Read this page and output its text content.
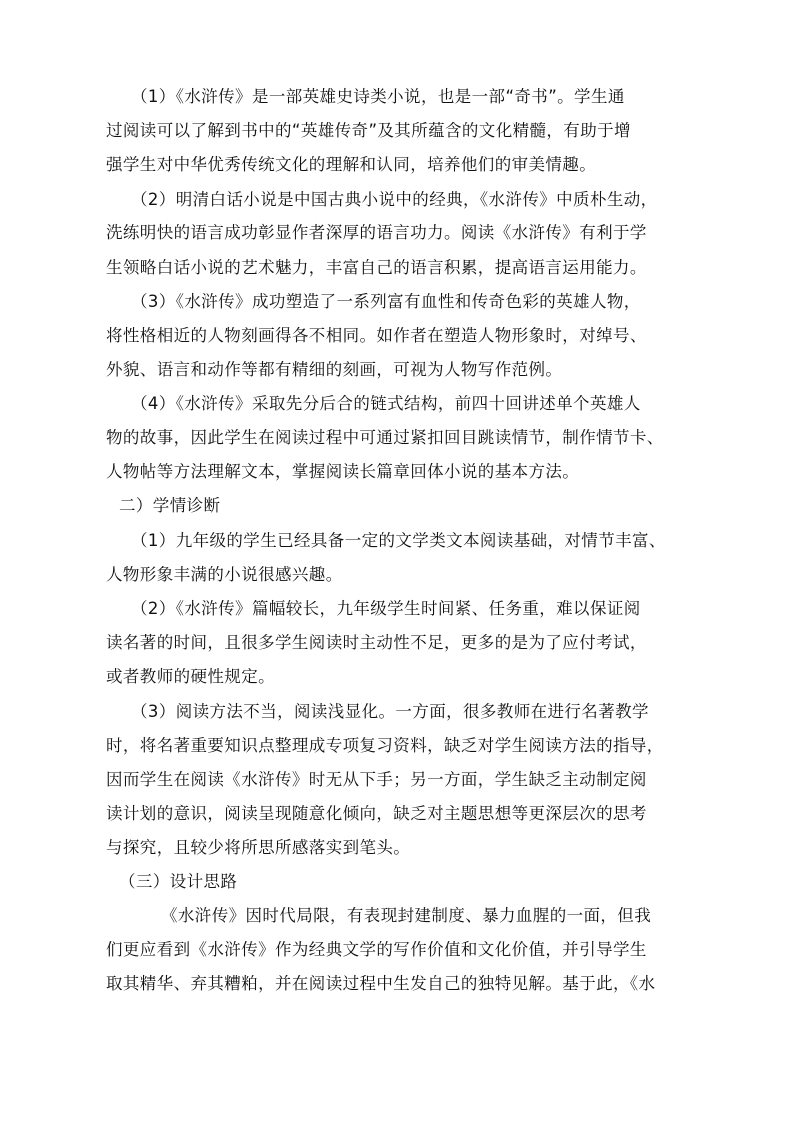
（1）《水浒传》是一部英雄史诗类小说，也是一部“奇书”。学生通
过阅读可以了解到书中的“英雄传奇”及其所蕴含的文化精髓，有助于增
强学生对中华优秀传统文化的理解和认同，培养他们的审美情趣。
（2）明清白话小说是中国古典小说中的经典，《水浒传》中质朴生动，
洗练明快的语言成功彰显作者深厚的语言功力。阅读《水浒传》有利于学
生领略白话小说的艺术魅力，丰富自己的语言积累，提高语言运用能力。
（3）《水浒传》成功塑造了一系列富有血性和传奇色彩的英雄人物，
将性格相近的人物刻画得各不相同。如作者在塑造人物形象时，对绰号、
外貌、语言和动作等都有精细的刻画，可视为人物写作范例。
（4）《水浒传》采取先分后合的链式结构，前四十回讲述单个英雄人
物的故事，因此学生在阅读过程中可通过紧扣回目跳读情节，制作情节卡、
人物帖等方法理解文本，掌握阅读长篇章回体小说的基本方法。
二）学情诊断
（1）九年级的学生已经具备一定的文学类文本阅读基础，对情节丰富、
人物形象丰满的小说很感兴趣。
（2）《水浒传》篇幅较长，九年级学生时间紧、任务重，难以保证阅
读名著的时间，且很多学生阅读时主动性不足，更多的是为了应付考试，
或者教师的硬性规定。
（3）阅读方法不当，阅读浅显化。一方面，很多教师在进行名著教学
时，将名著重要知识点整理成专项复习资料，缺乏对学生阅读方法的指导，
因而学生在阅读《水浒传》时无从下手；另一方面，学生缺乏主动制定阅
读计划的意识，阅读呈现随意化倾向，缺乏对主题思想等更深层次的思考
与探究，且较少将所思所感落实到笔头。
（三）设计思路
《水浒传》因时代局限，有表现封建制度、暴力血腥的一面，但我
们更应看到《水浒传》作为经典文学的写作价值和文化价值，并引导学生
取其精华、弃其糟粕，并在阅读过程中生发自己的独特见解。基于此，《水
